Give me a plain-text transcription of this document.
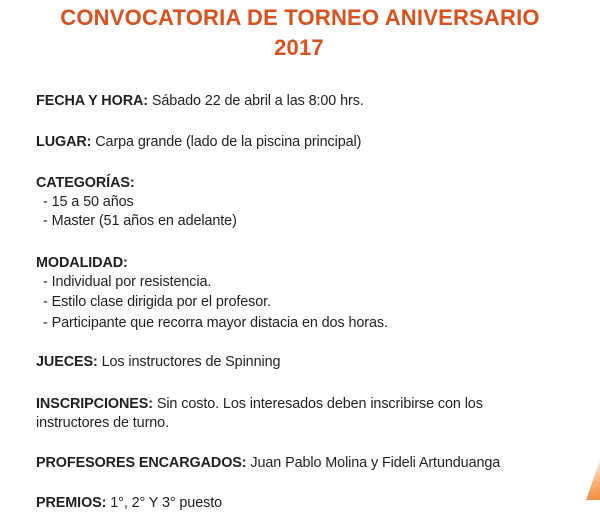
CONVOCATORIA DE TORNEO ANIVERSARIO
2017
FECHA Y HORA: Sábado 22 de abril a las 8:00 hrs.
LUGAR: Carpa grande (lado de la piscina principal)
CATEGORÍAS:
- 15 a 50 años
- Master (51 años en adelante)
MODALIDAD:
- Individual por resistencia.
- Estilo clase dirigida por el profesor.
- Participante que recorra mayor distacia en dos horas.
JUECES: Los instructores de Spinning
INSCRIPCIONES: Sin costo. Los interesados deben inscribirse con los
instructores de turno.
PROFESORES ENCARGADOS: Juan Pablo Molina y Fideli Artunduanga
PREMIOS: 1°, 2° Y 3° puesto
